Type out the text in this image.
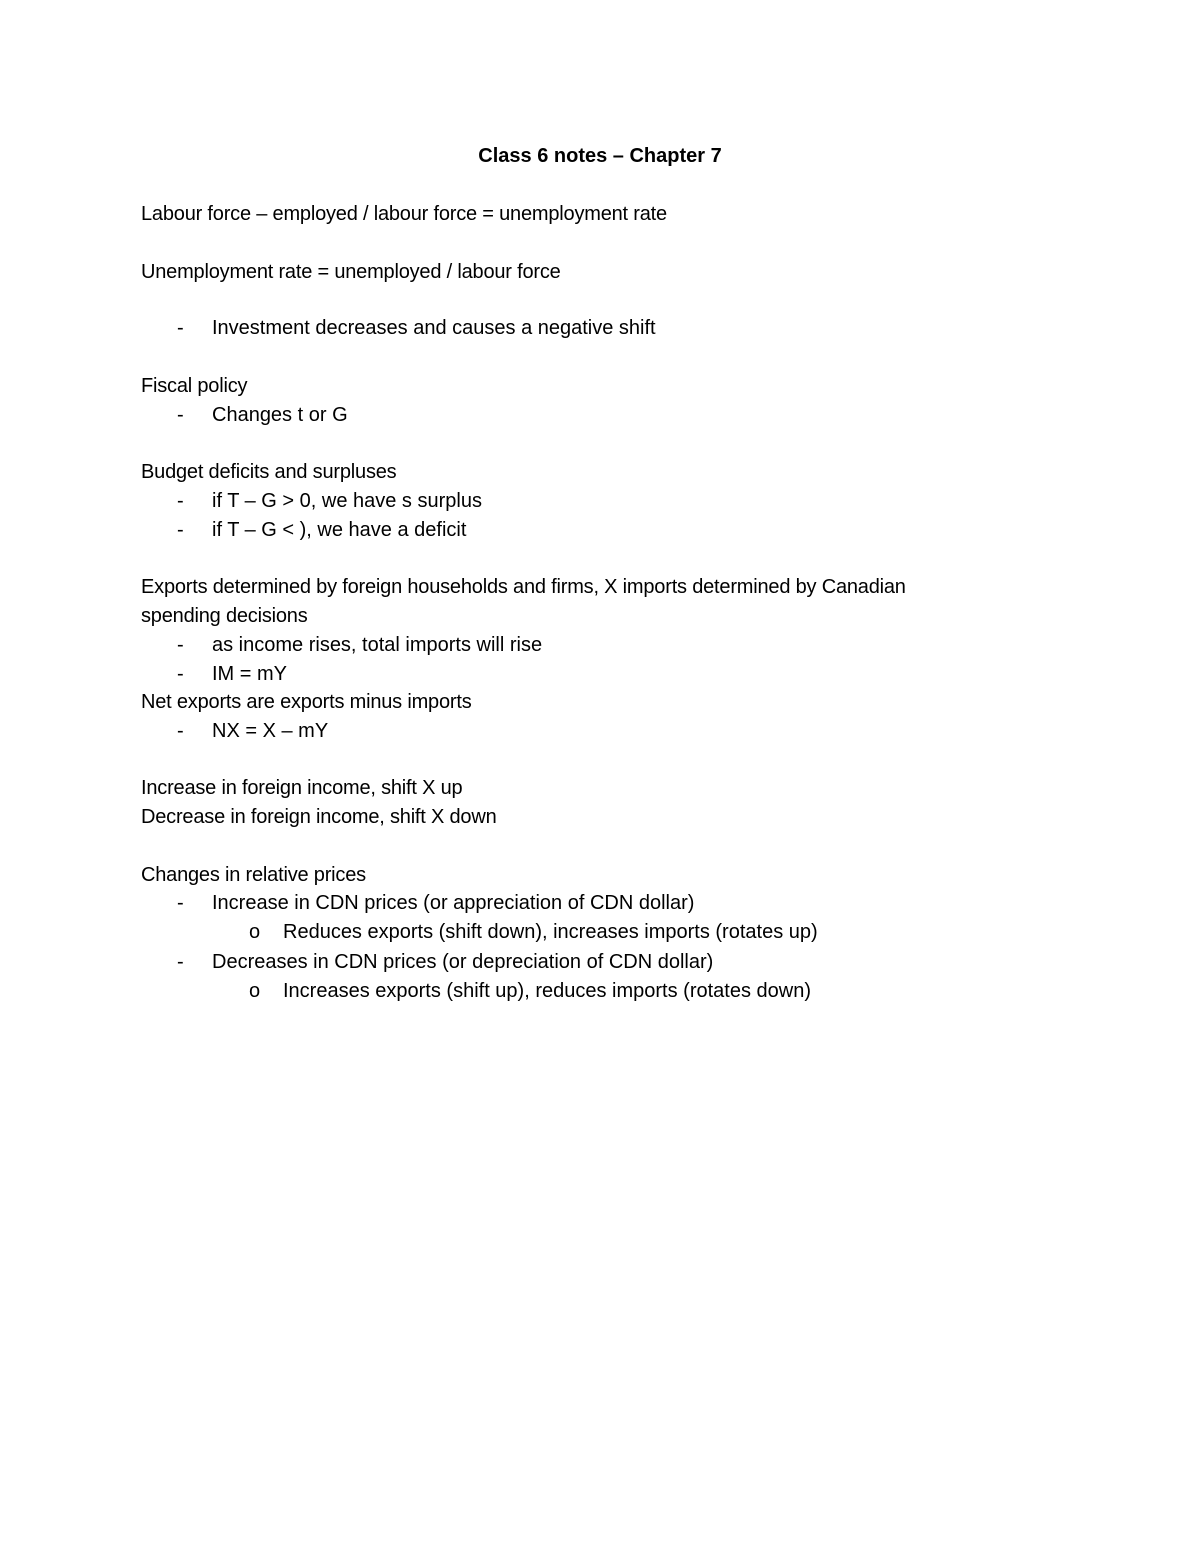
Class 6 notes – Chapter 7
Labour force – employed / labour force = unemployment rate
Unemployment rate = unemployed / labour force
- Investment decreases and causes a negative shift
Fiscal policy
- Changes t or G
Budget deficits and surpluses
- if T – G > 0, we have s surplus
- if T – G < ), we have a deficit
Exports determined by foreign households and firms, X imports determined by Canadian
spending decisions
- as income rises, total imports will rise
- IM = mY
Net exports are exports minus imports
- NX = X – mY
Increase in foreign income, shift X up
Decrease in foreign income, shift X down
Changes in relative prices
- Increase in CDN prices (or appreciation of CDN dollar)
o Reduces exports (shift down), increases imports (rotates up)
- Decreases in CDN prices (or depreciation of CDN dollar)
o Increases exports (shift up), reduces imports (rotates down)
